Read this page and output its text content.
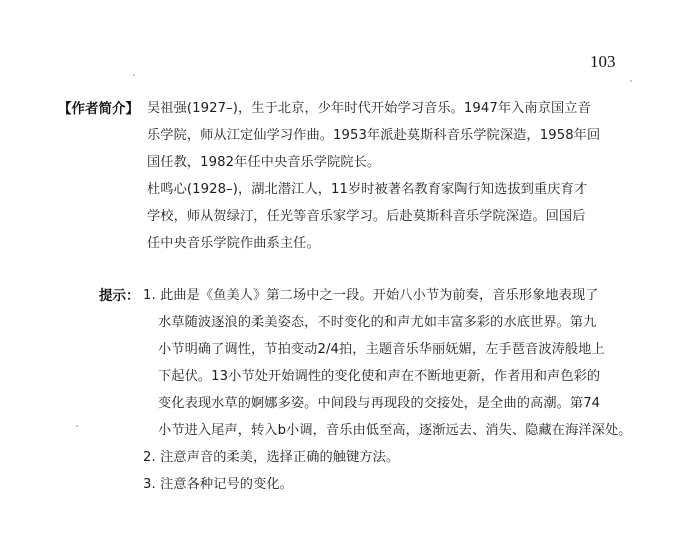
103
【作者简介】 吴祖强(1927–)，生于北京，少年时代开始学习音乐。1947年入南京国立音
乐学院，师从江定仙学习作曲。1953年派赴莫斯科音乐学院深造，1958年回
国任教，1982年任中央音乐学院院长。
杜鸣心(1928–)，湖北潜江人，11岁时被著名教育家陶行知选拔到重庆育才
学校，师从贺绿汀，任光等音乐家学习。后赴莫斯科音乐学院深造。回国后
任中央音乐学院作曲系主任。
提示： 1. 此曲是《鱼美人》第二场中之一段。开始八小节为前奏，音乐形象地表现了
水草随波逐浪的柔美姿态，不时变化的和声尤如丰富多彩的水底世界。第九
小节明确了调性，节拍变动2/4拍，主题音乐华丽妩媚，左手琶音波涛般地上
下起伏。13小节处开始调性的变化使和声在不断地更新，作者用和声色彩的
变化表现水草的婀娜多姿。中间段与再现段的交接处，是全曲的高潮。第74
小节进入尾声，转入b小调，音乐由低至高，逐渐远去、消失、隐藏在海洋深处。
2. 注意声音的柔美，选择正确的触键方法。
3. 注意各种记号的变化。
